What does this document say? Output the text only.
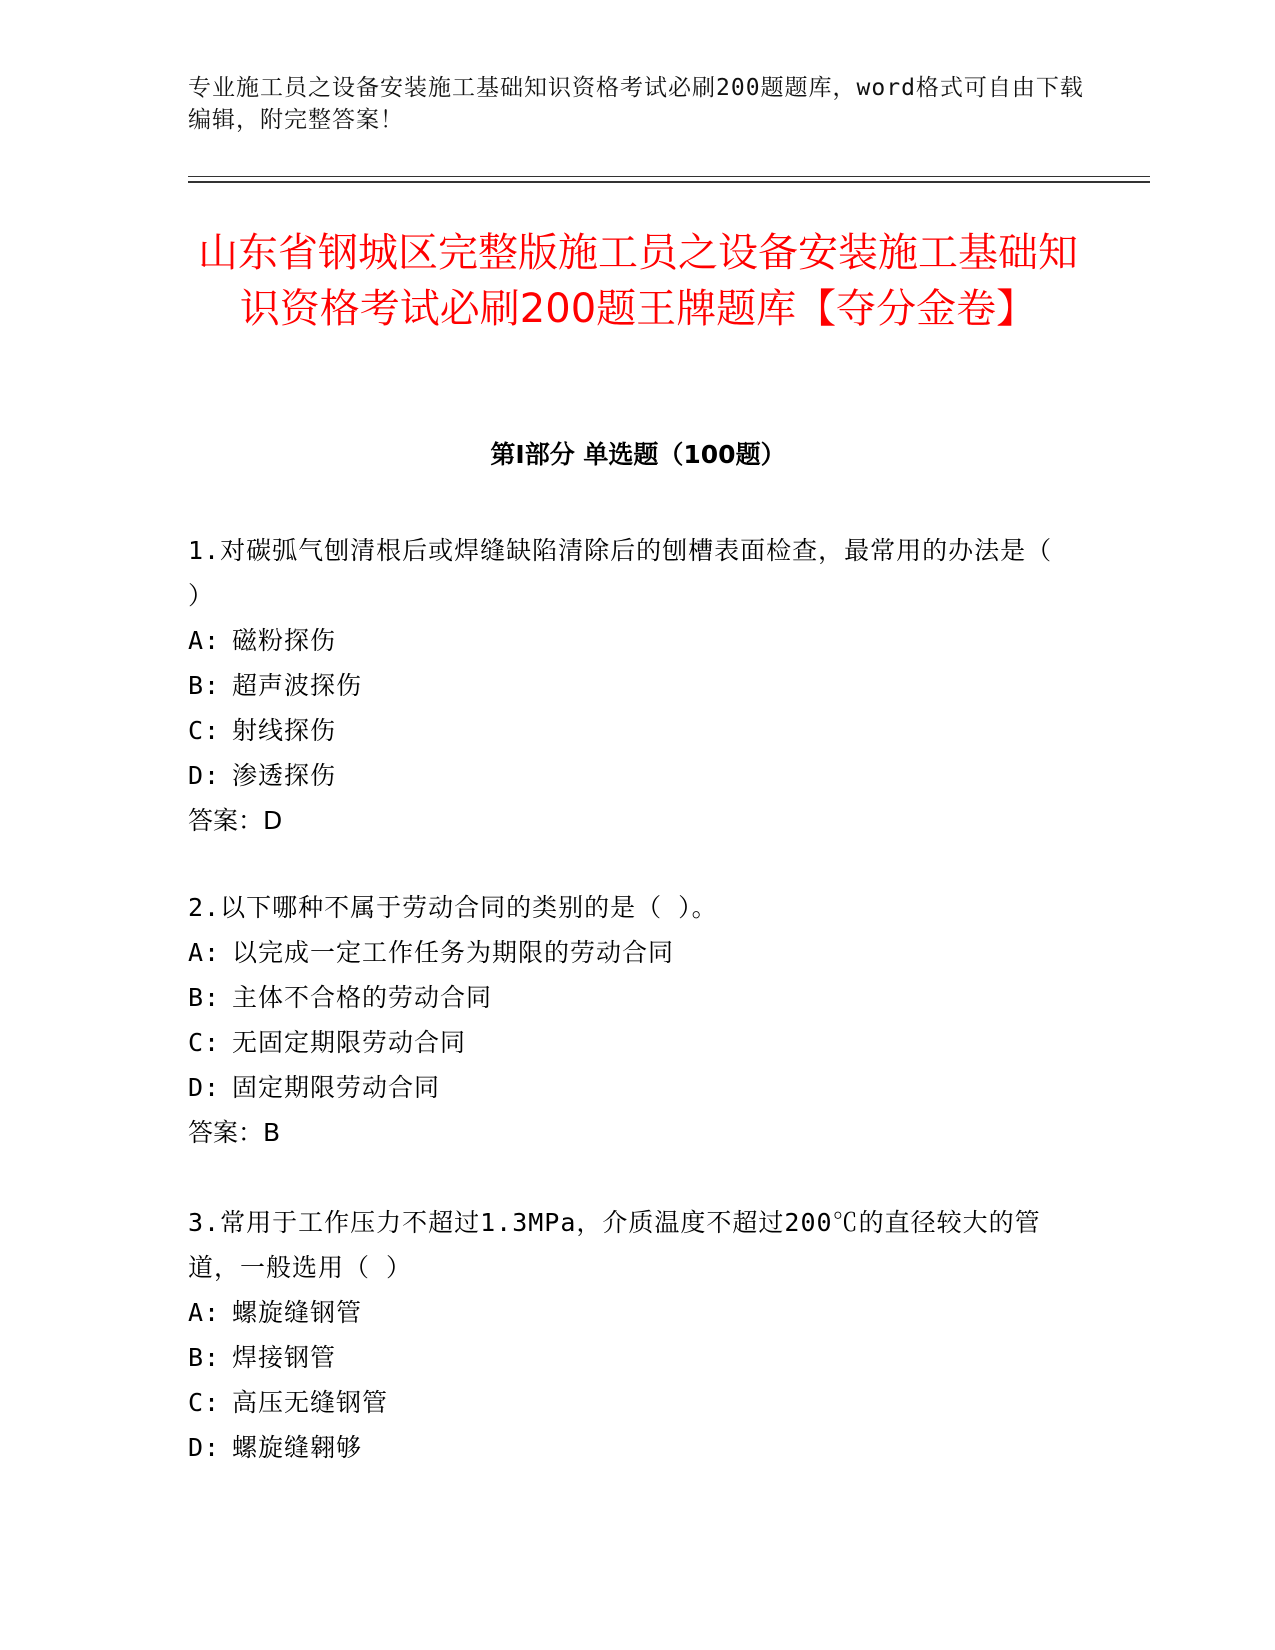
专业施工员之设备安装施工基础知识资格考试必刷200题题库，word格式可自由下载编辑，附完整答案！
山东省钢城区完整版施工员之设备安装施工基础知识资格考试必刷200题王牌题库【夺分金卷】
第Ⅰ部分 单选题（100题）

1.对碳弧气刨清根后或焊缝缺陷清除后的刨槽表面检查，最常用的办法是（ ）

A: 磁粉探伤

B: 超声波探伤

C: 射线探伤

D: 渗透探伤

答案：D

2.以下哪种不属于劳动合同的类别的是（ ）。

A: 以完成一定工作任务为期限的劳动合同

B: 主体不合格的劳动合同

C: 无固定期限劳动合同

D: 固定期限劳动合同

答案：B

3.常用于工作压力不超过1.3MPa，介质温度不超过200℃的直径较大的管道，一般选用（ ）

A: 螺旋缝钢管

B: 焊接钢管

C: 高压无缝钢管

D: 螺旋缝翱够
